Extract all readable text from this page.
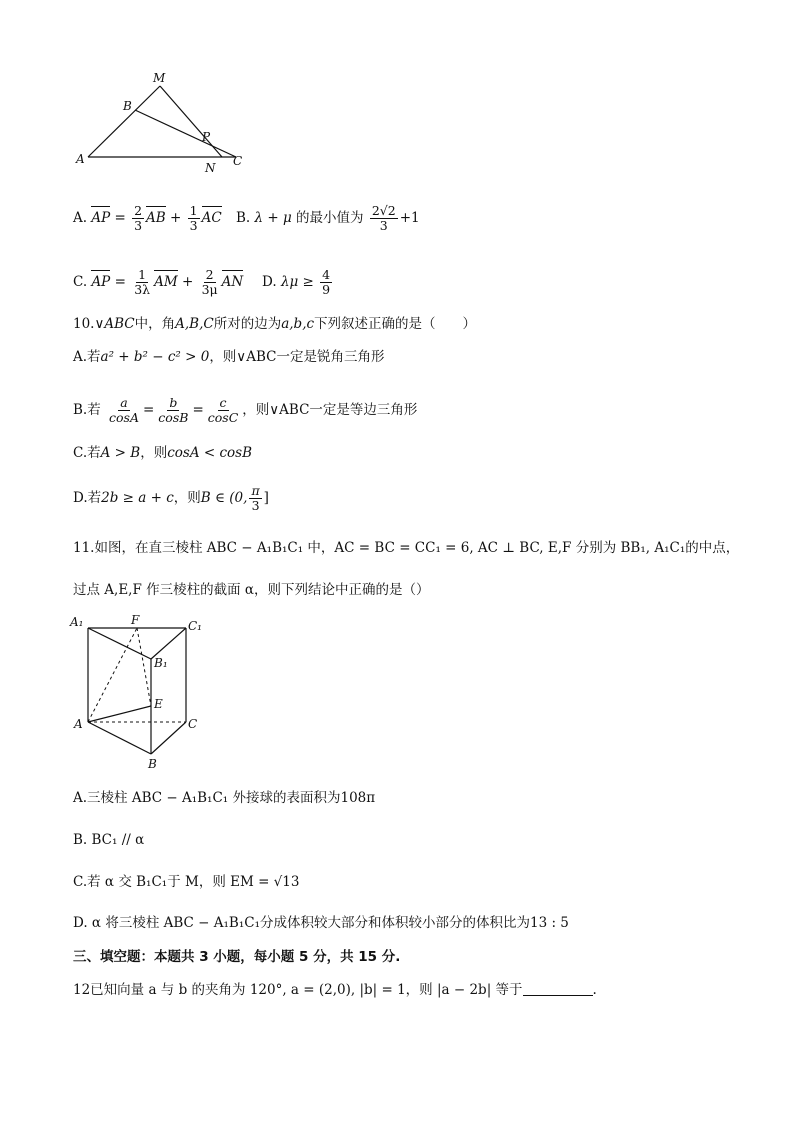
M
B
P
A
N C
A. AP = $\frac{2}{3}$ AB + $\frac{1}{3}$ AC B. λ + μ 的最小值为 $\frac{2√2}{3} +1$
C. AP = $\frac{1}{3\lambda}$ AM + $\frac{2}{3\mu}$ AN D. $\lambda\mu \ge \frac{4}{9}$
10.∨ABC中，角A,B,C所对的边为a,b,c下列叙述正确的是（　　）
A.若a² + b² − c² > 0，则∨ABC一定是锐角三角形
B.若 $\frac{a}{\cos A} = \frac{b}{\cos B} = \frac{c}{\cos C}$ ，则∨ABC一定是等边三角形
C.若A > B，则cosA < cosB
D.若2b ≥ a + c，则B ∈ (0, $\frac{\pi}{3}$ ]
11.如图，在直三棱柱 ABC − A₁B₁C₁ 中，AC = BC = CC₁ = 6, AC ⊥ BC, E,F 分别为 BB₁, A₁C₁的中点，
过点 A,E,F 作三棱柱的截面 α，则下列结论中正确的是（）
A₁	F	C₁
B₁
E
A	C
B
A.三棱柱 ABC − A₁B₁C₁ 外接球的表面积为108π
B. BC₁ // α
C.若 α 交 B₁C₁于 M，则 EM = √13
D. α 将三棱柱 ABC − A₁B₁C₁分成体积较大部分和体积较小部分的体积比为13 : 5
三、填空题：本题共 3 小题，每小题 5 分，共 15 分.
12已知向量 a 与 b 的夹角为 120°, a = (2,0), |b| = 1，则 |a − 2b| 等于	.
